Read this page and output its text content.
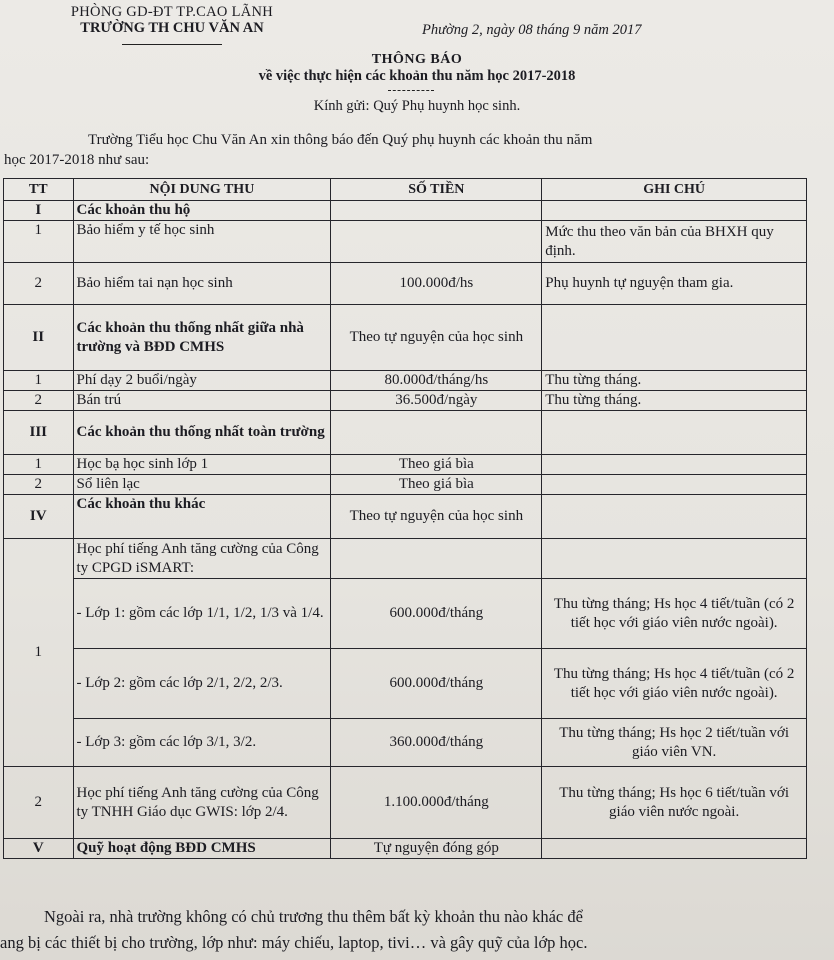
PHÒNG GD-ĐT TP.CAO LÃNH
TRƯỜNG TH CHU VĂN AN	Phường 2, ngày 08 tháng 9 năm 2017
THÔNG BÁO
về việc thực hiện các khoản thu năm học 2017-2018
Kính gửi: Quý Phụ huynh học sinh.
Trường Tiểu học Chu Văn An xin thông báo đến Quý phụ huynh các khoản thu năm
học 2017-2018 như sau:
TT	NỘI DUNG THU	SỐ TIỀN	GHI CHÚ
I	Các khoản thu hộ		
1	Bảo hiểm y tế học sinh		Mức thu theo văn bản của BHXH quy định.
2	Bảo hiểm tai nạn học sinh	100.000đ/hs	Phụ huynh tự nguyện tham gia.
II	Các khoản thu thống nhất giữa nhà trường và BĐD CMHS	Theo tự nguyện của học sinh	
1	Phí dạy 2 buổi/ngày	80.000đ/tháng/hs	Thu từng tháng.
2	Bán trú	36.500đ/ngày	Thu từng tháng.
III	Các khoản thu thống nhất toàn trường		
1	Học bạ học sinh lớp 1	Theo giá bìa	
2	Sổ liên lạc	Theo giá bìa	
IV	Các khoản thu khác	Theo tự nguyện của học sinh	
1	Học phí tiếng Anh tăng cường của Công ty CPGD iSMART:		
	- Lớp 1: gồm các lớp 1/1, 1/2, 1/3 và 1/4.	600.000đ/tháng	Thu từng tháng; Hs học 4 tiết/tuần (có 2 tiết học với giáo viên nước ngoài).
	- Lớp 2: gồm các lớp 2/1, 2/2, 2/3.	600.000đ/tháng	Thu từng tháng; Hs học 4 tiết/tuần (có 2 tiết học với giáo viên nước ngoài).
	- Lớp 3: gồm các lớp 3/1, 3/2.	360.000đ/tháng	Thu từng tháng; Hs học 2 tiết/tuần với giáo viên VN.
2	Học phí tiếng Anh tăng cường của Công ty TNHH Giáo dục GWIS: lớp 2/4.	1.100.000đ/tháng	Thu từng tháng; Hs học 6 tiết/tuần với giáo viên nước ngoài.
V	Quỹ hoạt động BĐD CMHS	Tự nguyện đóng góp	
Ngoài ra, nhà trường không có chủ trương thu thêm bất kỳ khoản thu nào khác để
ang bị các thiết bị cho trường, lớp như: máy chiếu, laptop, tivi… và gây quỹ của lớp học.
